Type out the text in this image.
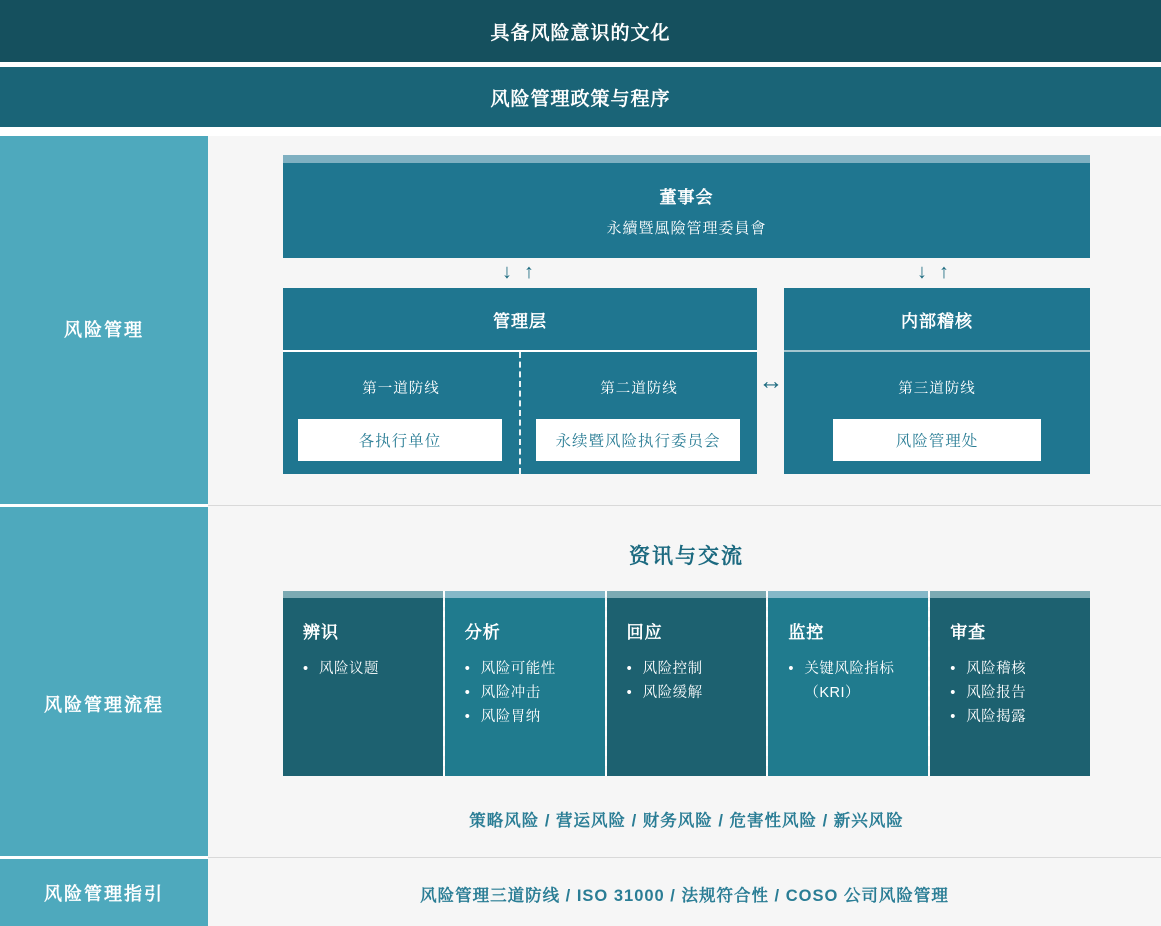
具备风险意识的文化
风险管理政策与程序
风险管理
风险管理流程
风险管理指引
董事会
永續暨風險管理委員會
↓ ↑	↓ ↑
管理层
第一道防线
各执行单位
第二道防线
永续暨风险执行委员会
↔
内部稽核
第三道防线
风险管理处
资讯与交流
辨识
• 风险议题
分析
• 风险可能性
• 风险冲击
• 风险胃纳
回应
• 风险控制
• 风险缓解
监控
• 关键风险指标（KRI）
审查
• 风险稽核
• 风险报告
• 风险揭露
策略风险 / 营运风险 / 财务风险 / 危害性风险 / 新兴风险
风险管理三道防线 / ISO 31000 / 法规符合性 / COSO 公司风险管理
